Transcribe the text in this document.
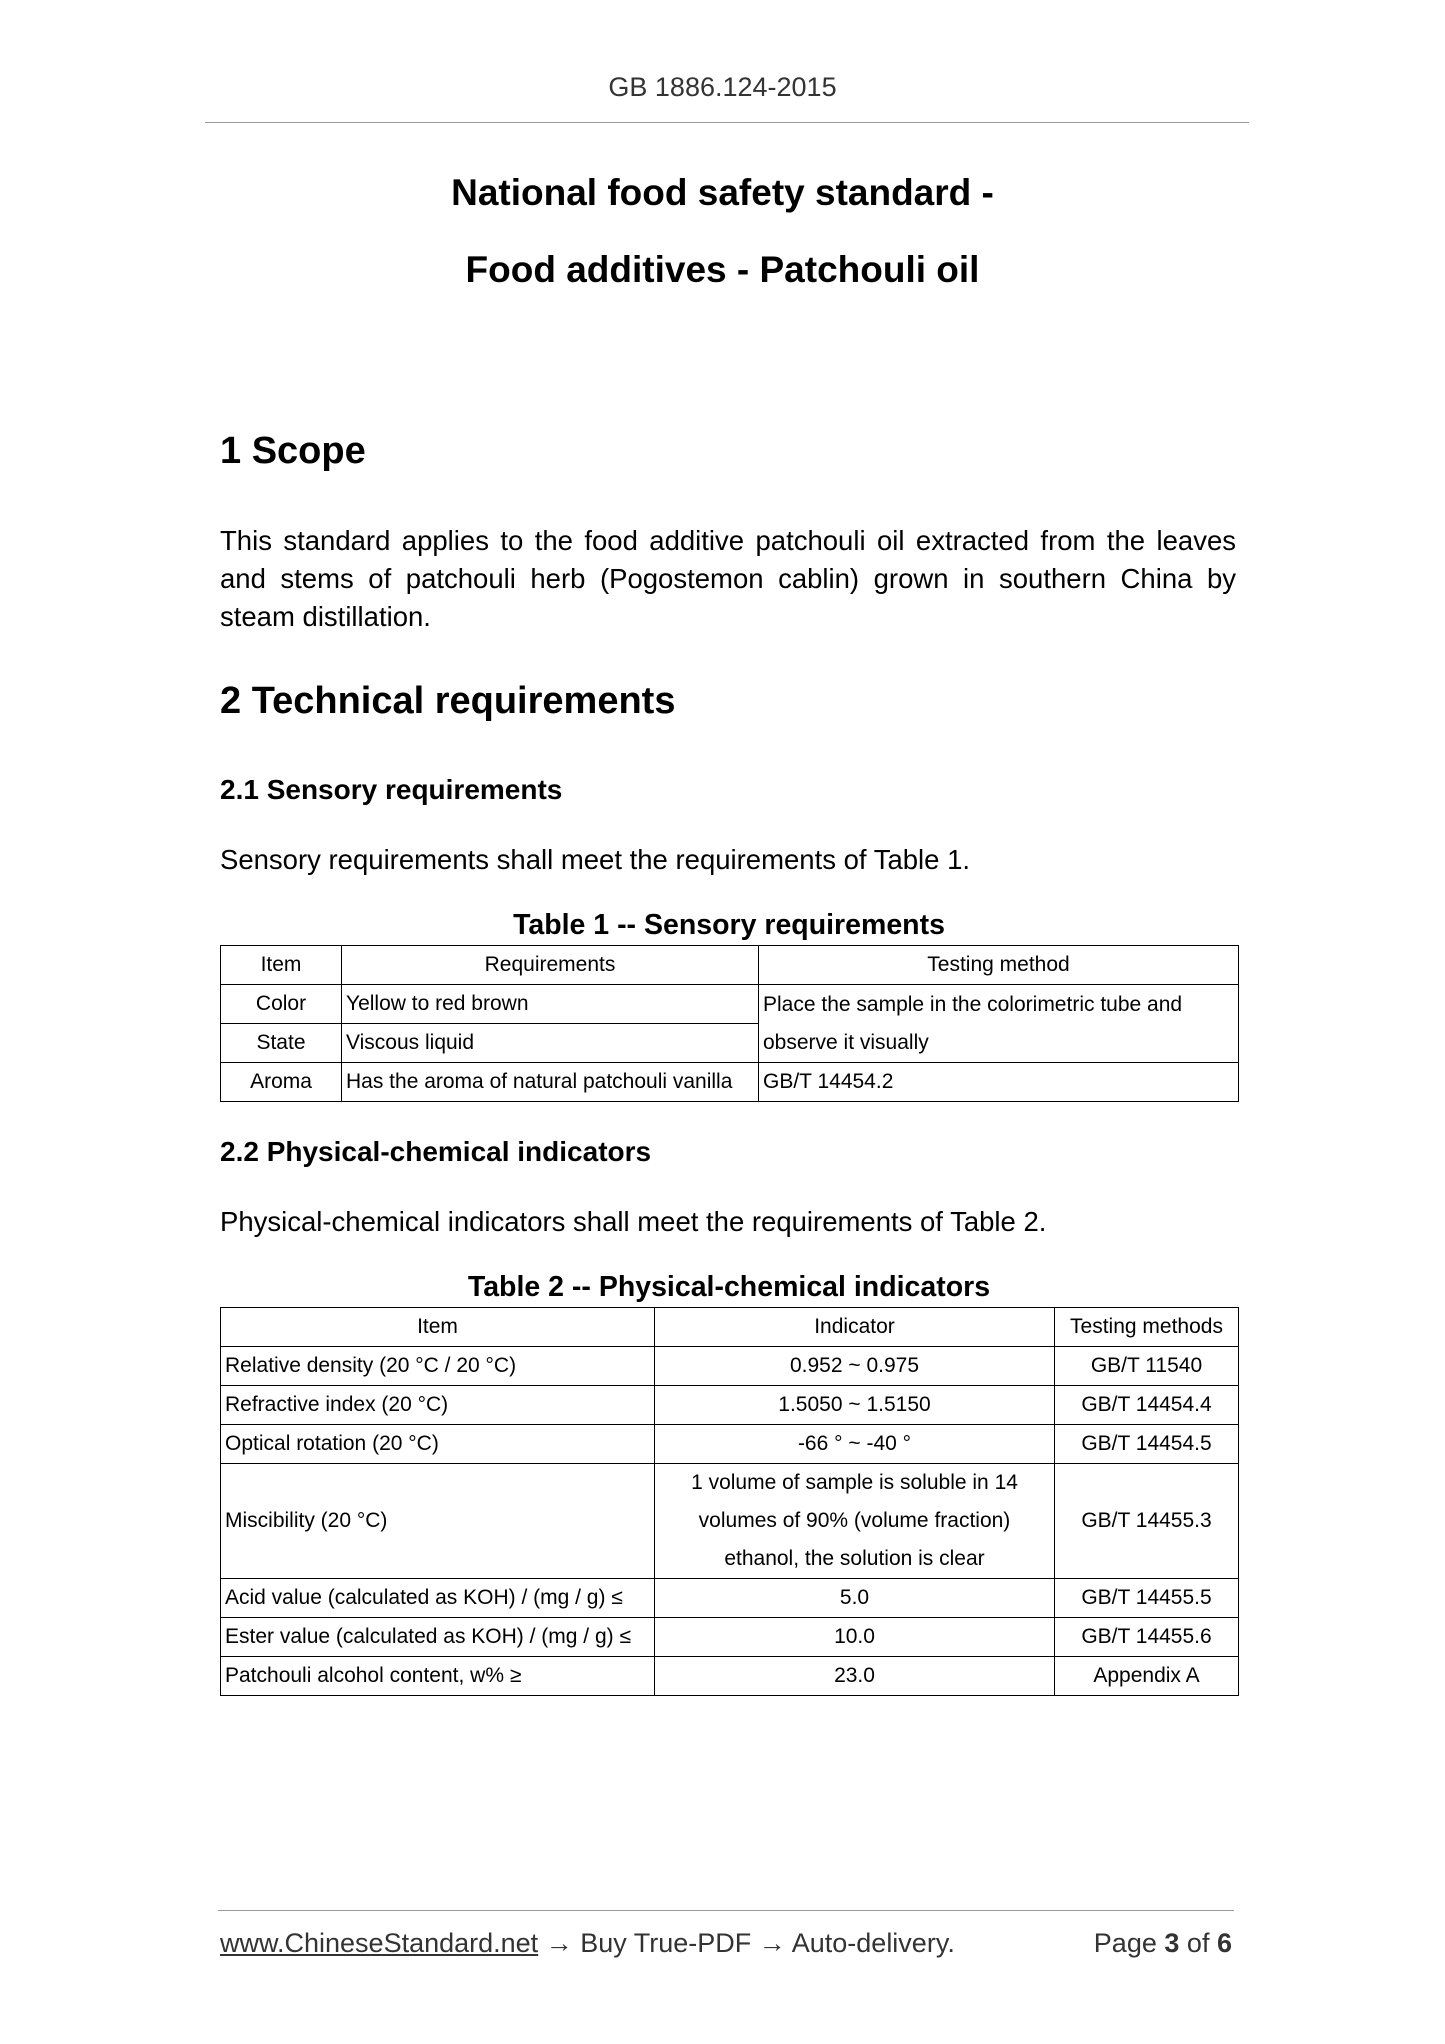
GB 1886.124-2015
National food safety standard -
Food additives - Patchouli oil
1 Scope
This standard applies to the food additive patchouli oil extracted from the leaves and stems of patchouli herb (Pogostemon cablin) grown in southern China by steam distillation.
2 Technical requirements
2.1 Sensory requirements
Sensory requirements shall meet the requirements of Table 1.
Table 1 -- Sensory requirements
Item	Requirements	Testing method
Color	Yellow to red brown	Place the sample in the colorimetric tube and observe it visually
State	Viscous liquid	
Aroma	Has the aroma of natural patchouli vanilla	GB/T 14454.2
2.2 Physical-chemical indicators
Physical-chemical indicators shall meet the requirements of Table 2.
Table 2 -- Physical-chemical indicators
Item	Indicator	Testing methods
Relative density (20 °C / 20 °C)	0.952 ~ 0.975	GB/T 11540
Refractive index (20 °C)	1.5050 ~ 1.5150	GB/T 14454.4
Optical rotation (20 °C)	-66 ° ~ -40 °	GB/T 14454.5
Miscibility (20 °C)	1 volume of sample is soluble in 14 volumes of 90% (volume fraction) ethanol, the solution is clear	GB/T 14455.3
Acid value (calculated as KOH) / (mg / g) ≤	5.0	GB/T 14455.5
Ester value (calculated as KOH) / (mg / g) ≤	10.0	GB/T 14455.6
Patchouli alcohol content, w% ≥	23.0	Appendix A
www.ChineseStandard.net → Buy True-PDF → Auto-delivery.	Page 3 of 6
